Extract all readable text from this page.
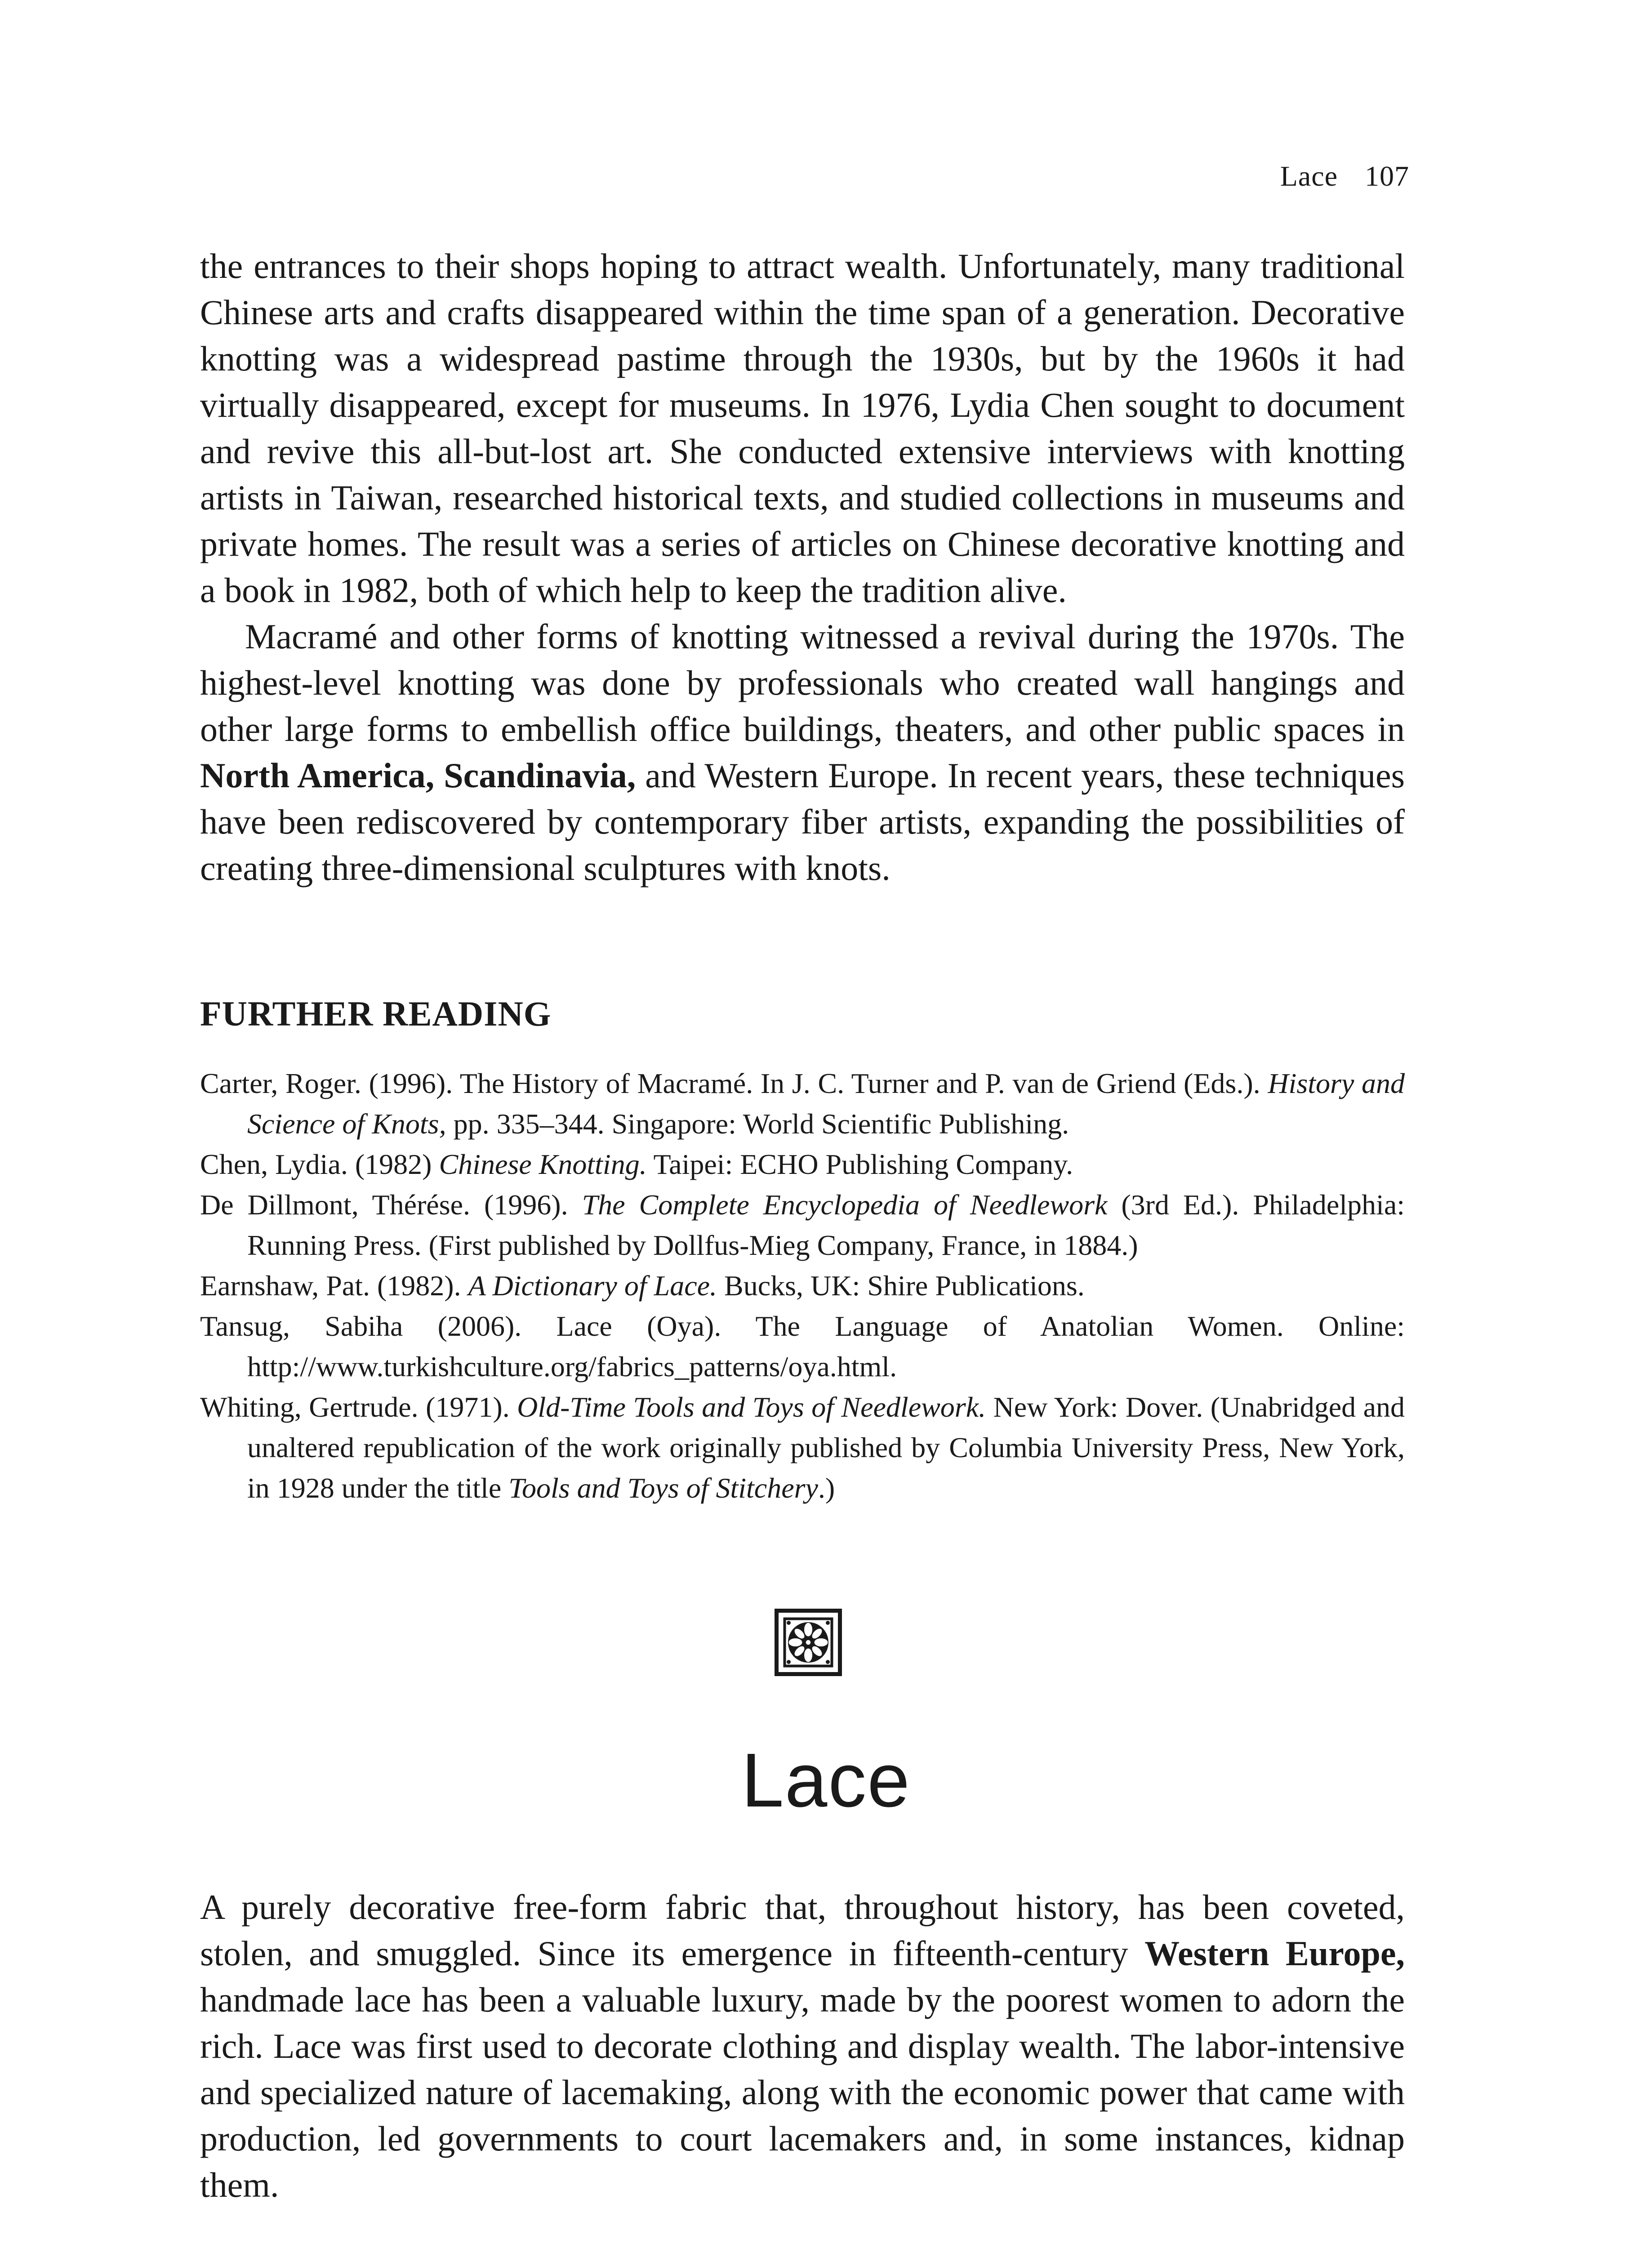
Lace 107

the entrances to their shops hoping to attract wealth. Unfortunately, many traditional Chinese arts and crafts disappeared within the time span of a generation. Decorative knotting was a widespread pastime through the 1930s, but by the 1960s it had virtually disappeared, except for museums. In 1976, Lydia Chen sought to document and revive this all-but-lost art. She conducted extensive interviews with knotting artists in Taiwan, researched historical texts, and studied collections in museums and private homes. The result was a series of articles on Chinese decorative knotting and a book in 1982, both of which help to keep the tradition alive.

Macramé and other forms of knotting witnessed a revival during the 1970s. The highest-level knotting was done by professionals who created wall hangings and other large forms to embellish office buildings, theaters, and other public spaces in North America, Scandinavia, and Western Europe. In recent years, these techniques have been rediscovered by contemporary fiber artists, expanding the possibilities of creating three-dimensional sculptures with knots.

FURTHER READING

Carter, Roger. (1996). The History of Macramé. In J. C. Turner and P. van de Griend (Eds.). History and Science of Knots, pp. 335–344. Singapore: World Scientific Publishing.

Chen, Lydia. (1982) Chinese Knotting. Taipei: ECHO Publishing Company.

De Dillmont, Thérése. (1996). The Complete Encyclopedia of Needlework (3rd Ed.). Philadelphia: Running Press. (First published by Dollfus-Mieg Company, France, in 1884.)

Earnshaw, Pat. (1982). A Dictionary of Lace. Bucks, UK: Shire Publications.

Tansug, Sabiha (2006). Lace (Oya). The Language of Anatolian Women. Online: http://www.turkishculture.org/fabrics_patterns/oya.html.

Whiting, Gertrude. (1971). Old-Time Tools and Toys of Needlework. New York: Dover. (Unabridged and unaltered republication of the work originally published by Columbia University Press, New York, in 1928 under the title Tools and Toys of Stitchery.)

Lace

A purely decorative free-form fabric that, throughout history, has been coveted, stolen, and smuggled. Since its emergence in fifteenth-century Western Europe, handmade lace has been a valuable luxury, made by the poorest women to adorn the rich. Lace was first used to decorate clothing and display wealth. The labor-intensive and specialized nature of lacemaking, along with the economic power that came with production, led governments to court lacemakers and, in some instances, kidnap them.
